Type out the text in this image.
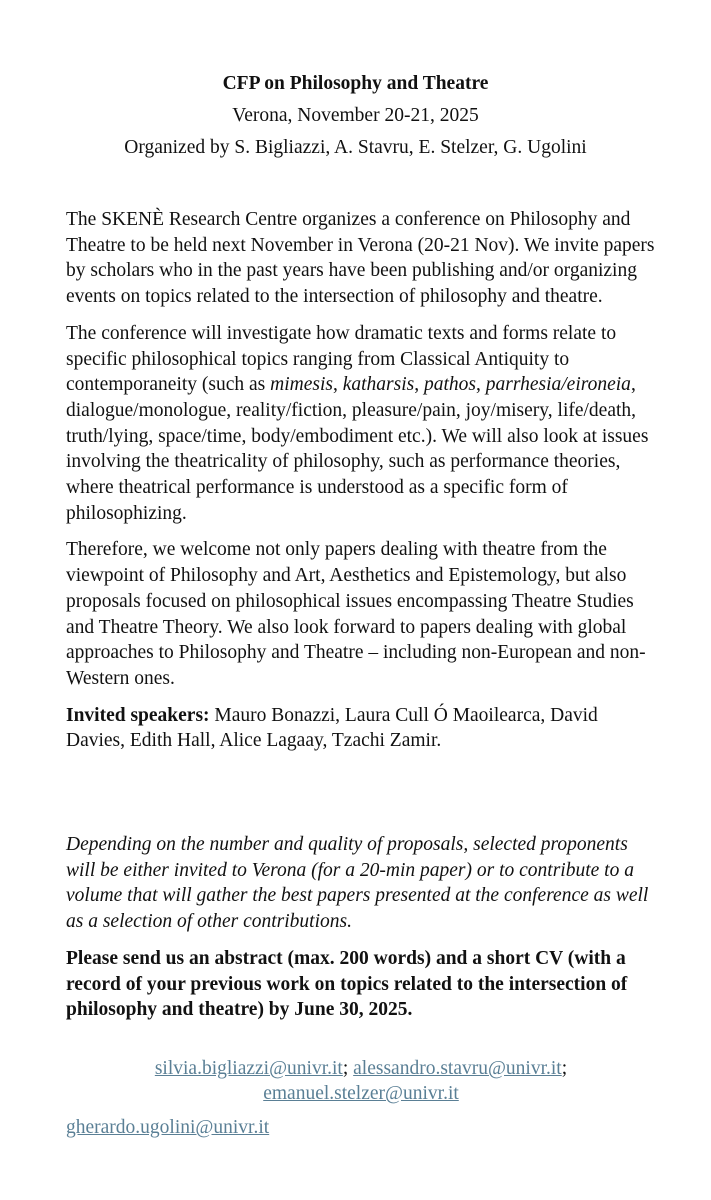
CFP on Philosophy and Theatre
Verona, November 20-21, 2025
Organized by S. Bigliazzi, A. Stavru, E. Stelzer, G. Ugolini

The SKENÈ Research Centre organizes a conference on Philosophy and Theatre to be held next November in Verona (20-21 Nov). We invite papers by scholars who in the past years have been publishing and/or organizing events on topics related to the intersection of philosophy and theatre.

The conference will investigate how dramatic texts and forms relate to specific philosophical topics ranging from Classical Antiquity to contemporaneity (such as mimesis, katharsis, pathos, parrhesia/eironeia, dialogue/monologue, reality/fiction, pleasure/pain, joy/misery, life/death, truth/lying, space/time, body/embodiment etc.). We will also look at issues involving the theatricality of philosophy, such as performance theories, where theatrical performance is understood as a specific form of philosophizing.

Therefore, we welcome not only papers dealing with theatre from the viewpoint of Philosophy and Art, Aesthetics and Epistemology, but also proposals focused on philosophical issues encompassing Theatre Studies and Theatre Theory. We also look forward to papers dealing with global approaches to Philosophy and Theatre – including non-European and non-Western ones.

Invited speakers: Mauro Bonazzi, Laura Cull Ó Maoilearca, David Davies, Edith Hall, Alice Lagaay, Tzachi Zamir.

Depending on the number and quality of proposals, selected proponents will be either invited to Verona (for a 20-min paper) or to contribute to a volume that will gather the best papers presented at the conference as well as a selection of other contributions.

Please send us an abstract (max. 200 words) and a short CV (with a record of your previous work on topics related to the intersection of philosophy and theatre) by June 30, 2025.

silvia.bigliazzi@univr.it; alessandro.stavru@univr.it;
emanuel.stelzer@univr.it
gherardo.ugolini@univr.it
